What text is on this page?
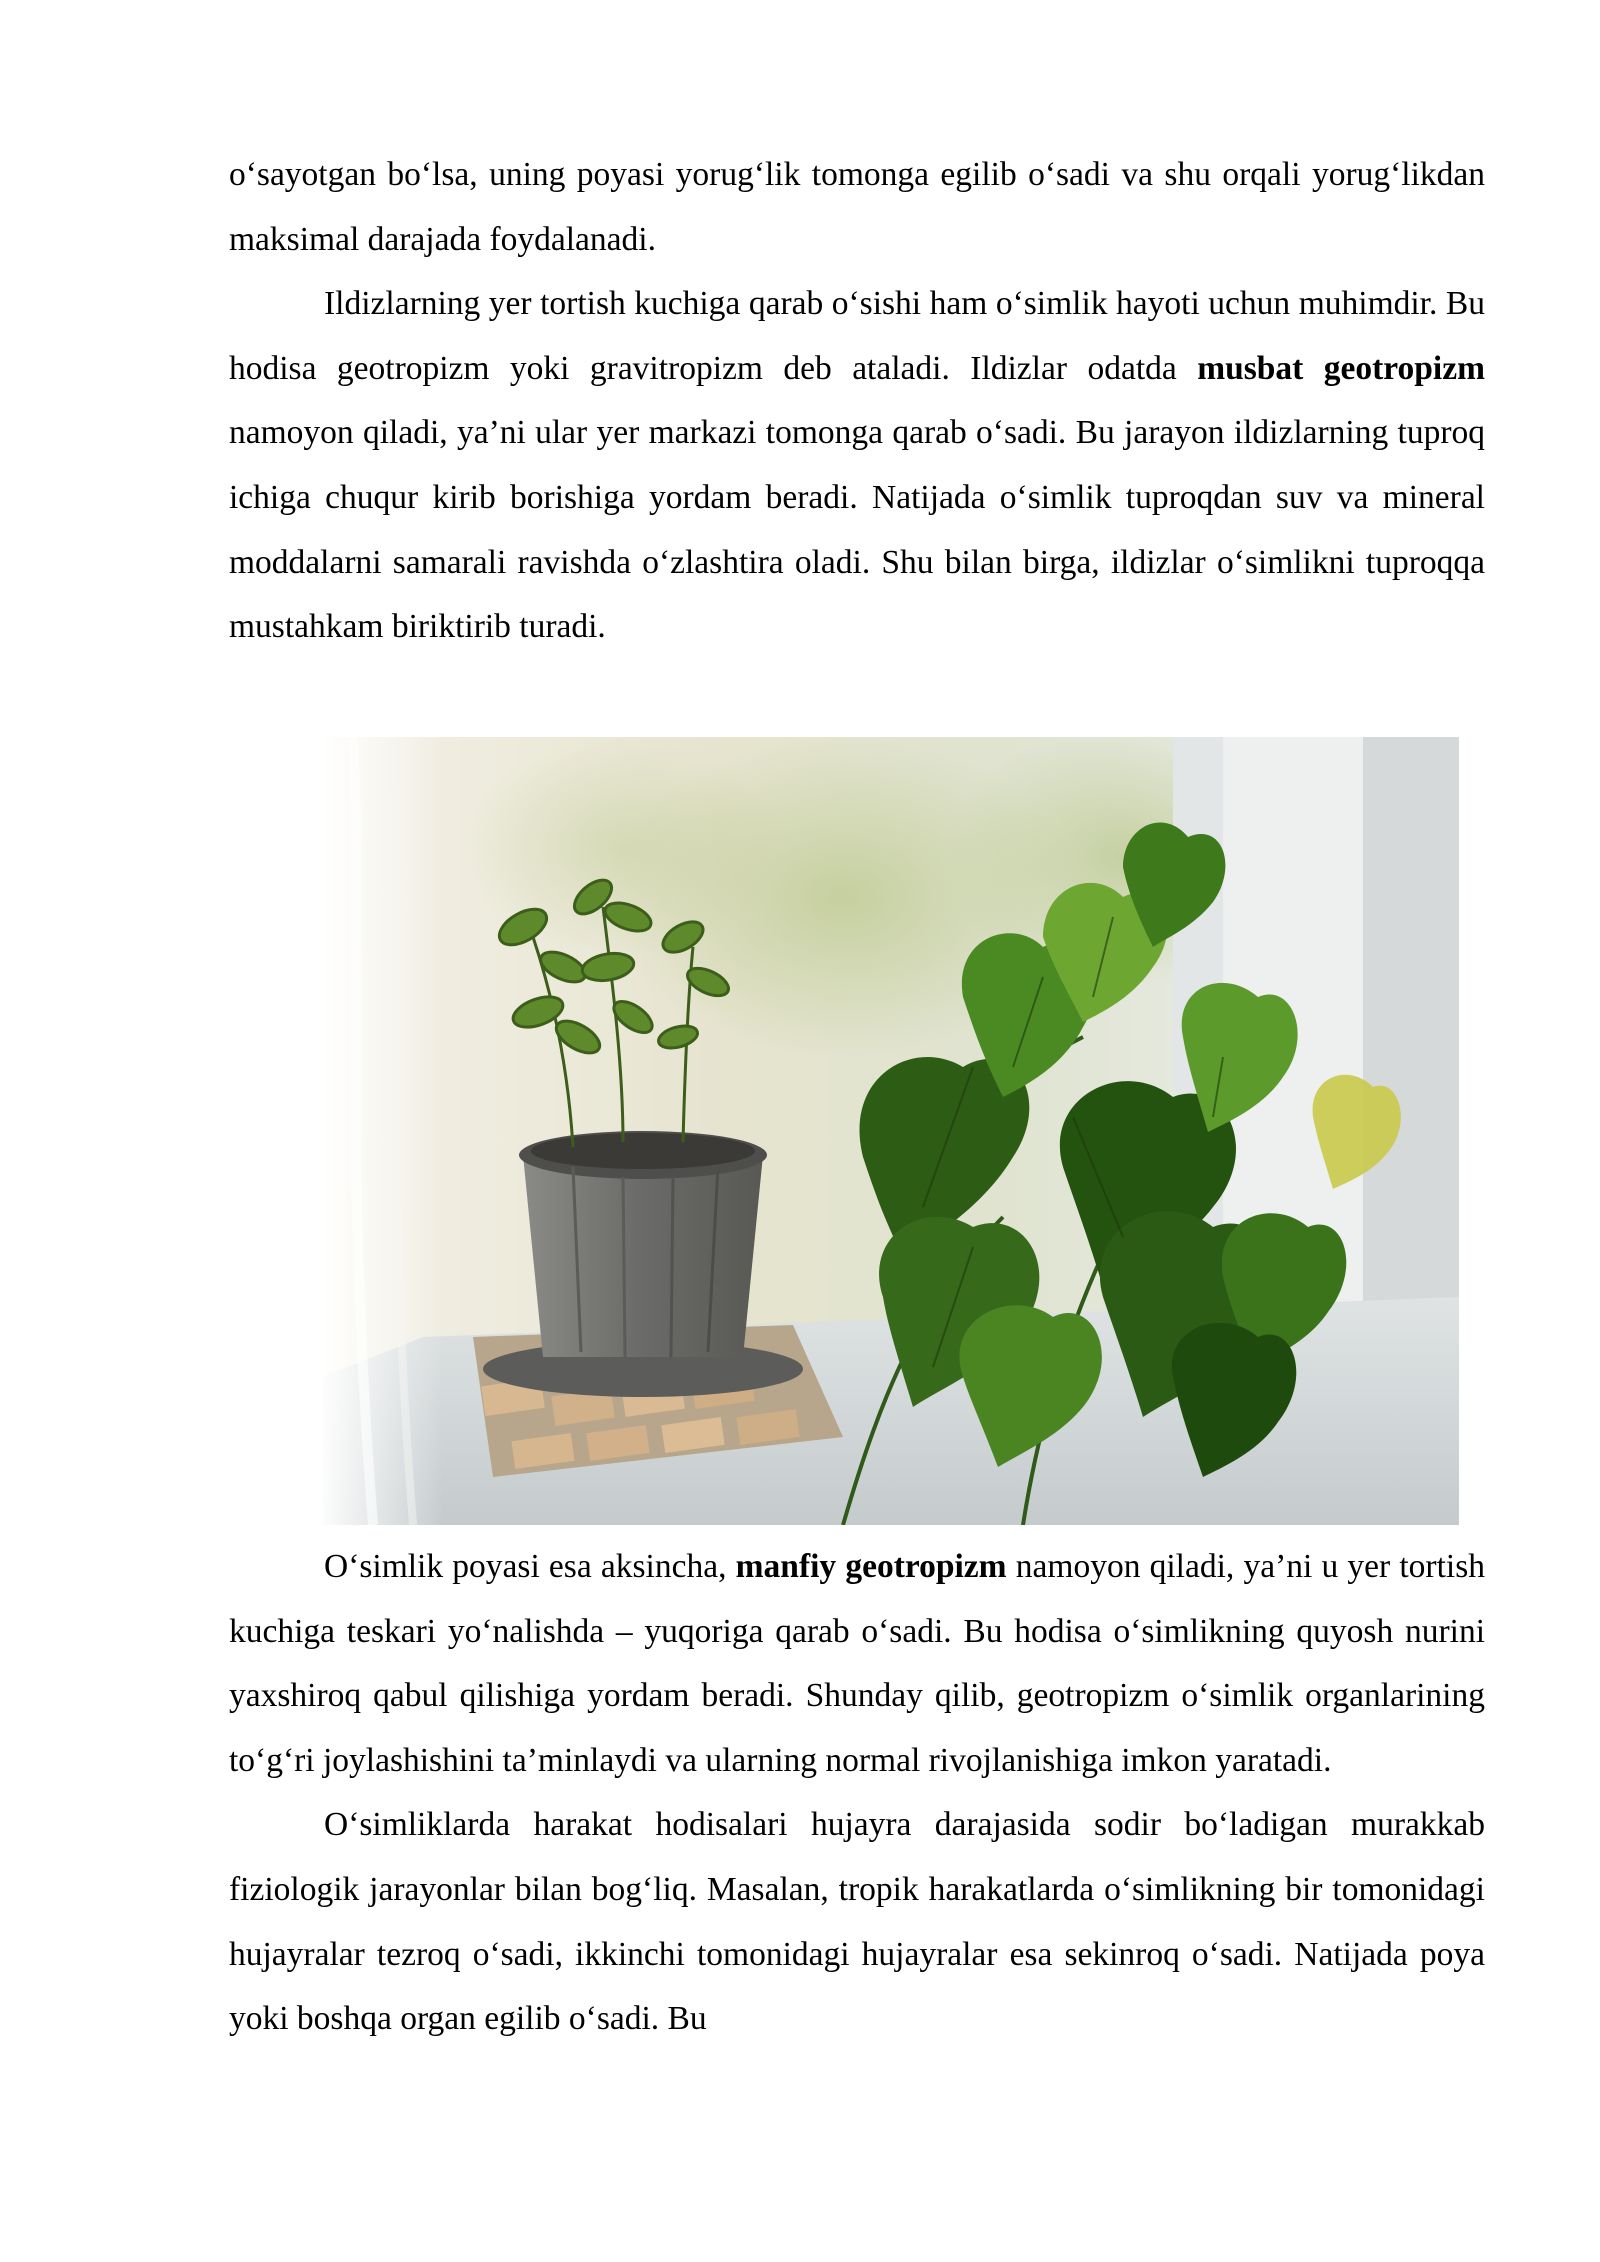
o‘sayotgan bo‘lsa, uning poyasi yorug‘lik tomonga egilib o‘sadi va shu orqali yorug‘likdan maksimal darajada foydalanadi.

Ildizlarning yer tortish kuchiga qarab o‘sishi ham o‘simlik hayoti uchun muhimdir. Bu hodisa geotropizm yoki gravitropizm deb ataladi. Ildizlar odatda musbat geotropizm namoyon qiladi, ya’ni ular yer markazi tomonga qarab o‘sadi. Bu jarayon ildizlarning tuproq ichiga chuqur kirib borishiga yordam beradi. Natijada o‘simlik tuproqdan suv va mineral moddalarni samarali ravishda o‘zlashtira oladi. Shu bilan birga, ildizlar o‘simlikni tuproqqa mustahkam biriktirib turadi.

O‘simlik poyasi esa aksincha, manfiy geotropizm namoyon qiladi, ya’ni u yer tortish kuchiga teskari yo‘nalishda – yuqoriga qarab o‘sadi. Bu hodisa o‘simlikning quyosh nurini yaxshiroq qabul qilishiga yordam beradi. Shunday qilib, geotropizm o‘simlik organlarining to‘g‘ri joylashishini ta’minlaydi va ularning normal rivojlanishiga imkon yaratadi.

O‘simliklarda harakat hodisalari hujayra darajasida sodir bo‘ladigan murakkab fiziologik jarayonlar bilan bog‘liq. Masalan, tropik harakatlarda o‘simlikning bir tomonidagi hujayralar tezroq o‘sadi, ikkinchi tomonidagi hujayralar esa sekinroq o‘sadi. Natijada poya yoki boshqa organ egilib o‘sadi. Bu
